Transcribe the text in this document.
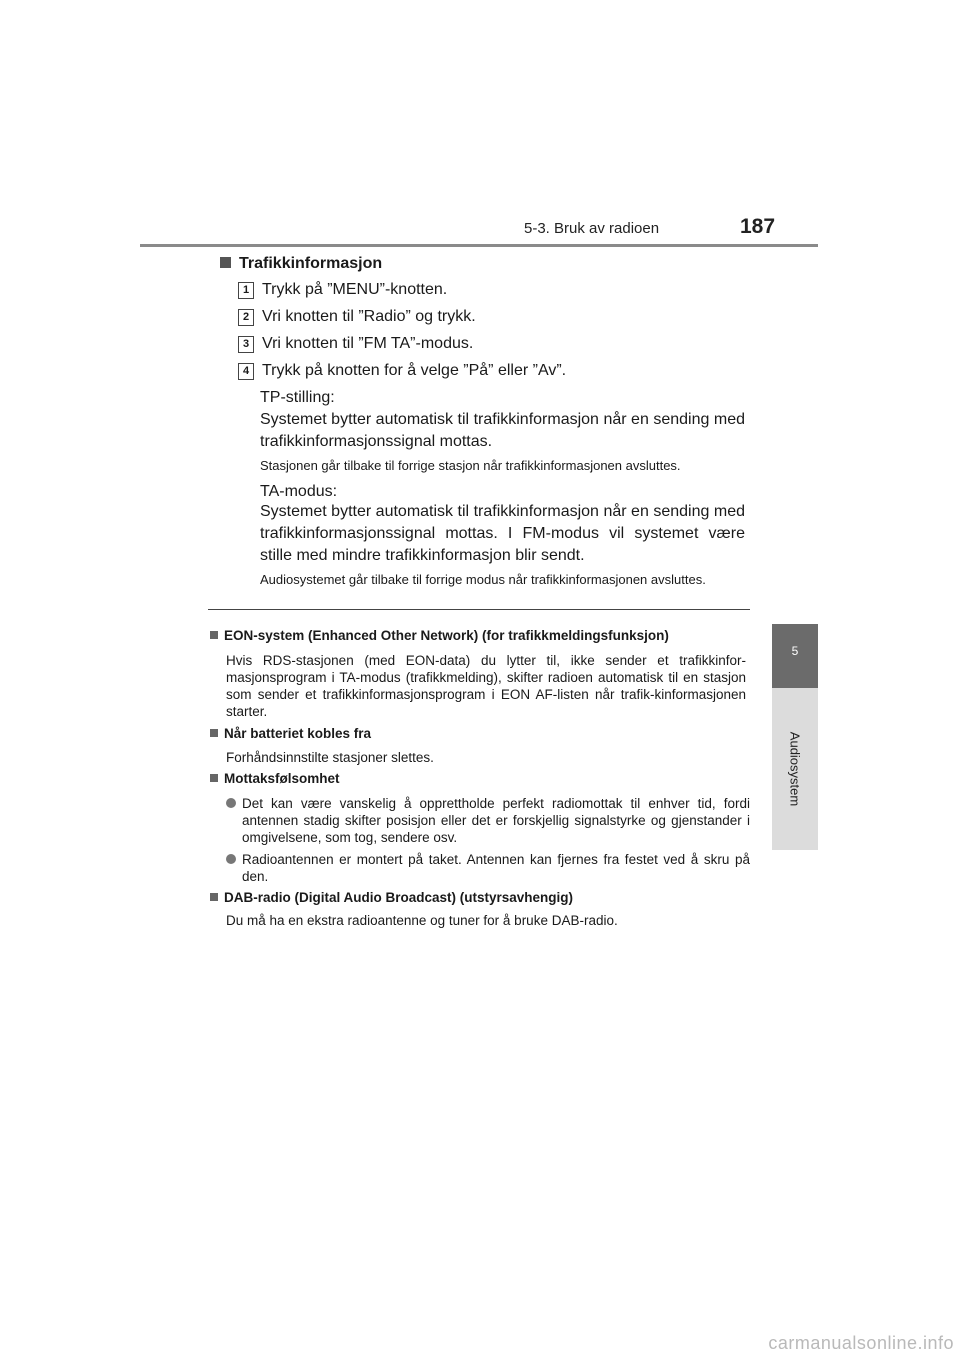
5-3. Bruk av radioen	187
5
Audiosystem
Trafikkinformasjon
1 Trykk på ”MENU”-knotten.
2 Vri knotten til ”Radio” og trykk.
3 Vri knotten til ”FM TA”-modus.
4 Trykk på knotten for å velge ”På” eller ”Av”.
TP-stilling:
Systemet bytter automatisk til trafikkinformasjon når en sending med trafikkinformasjonssignal mottas.
Stasjonen går tilbake til forrige stasjon når trafikkinformasjonen avsluttes.
TA-modus:
Systemet bytter automatisk til trafikkinformasjon når en sending med trafikkinformasjonssignal mottas. I FM-modus vil systemet være stille med mindre trafikkinformasjon blir sendt.
Audiosystemet går tilbake til forrige modus når trafikkinformasjonen avsluttes.
EON-system (Enhanced Other Network) (for trafikkmeldingsfunksjon)
Hvis RDS-stasjonen (med EON-data) du lytter til, ikke sender et trafikkinfor-masjonsprogram i TA-modus (trafikkmelding), skifter radioen automatisk til en stasjon som sender et trafikkinformasjonsprogram i EON AF-listen når trafik-kinformasjonen starter.
Når batteriet kobles fra
Forhåndsinnstilte stasjoner slettes.
Mottaksfølsomhet
Det kan være vanskelig å opprettholde perfekt radiomottak til enhver tid, fordi antennen stadig skifter posisjon eller det er forskjellig signalstyrke og gjenstander i omgivelsene, som tog, sendere osv.
Radioantennen er montert på taket. Antennen kan fjernes fra festet ved å skru på den.
DAB-radio (Digital Audio Broadcast) (utstyrsavhengig)
Du må ha en ekstra radioantenne og tuner for å bruke DAB-radio.
carmanualsonline.info
